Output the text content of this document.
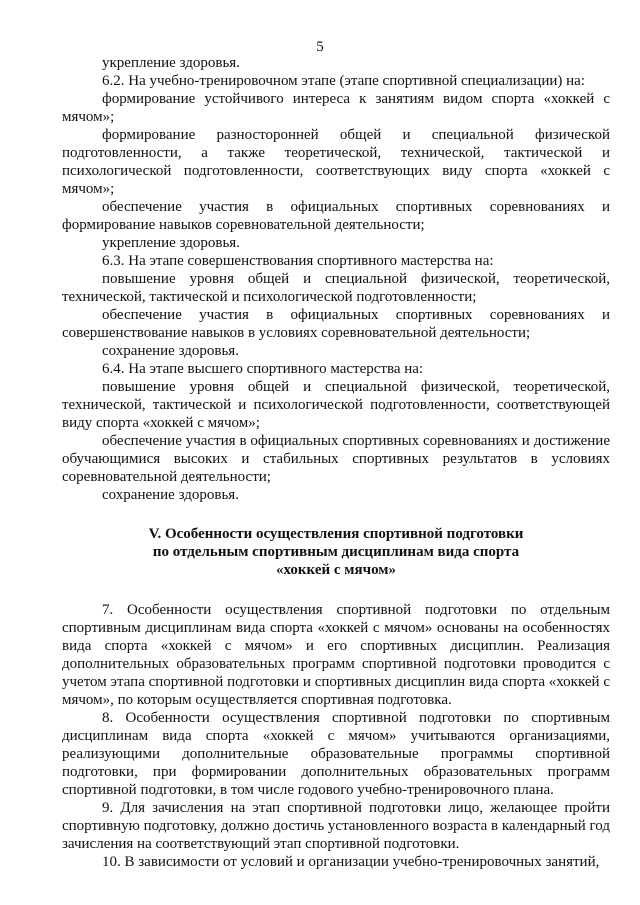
5

укрепление здоровья.

6.2. На учебно-тренировочном этапе (этапе спортивной специализации) на:

формирование устойчивого интереса к занятиям видом спорта «хоккей с мячом»;

формирование разносторонней общей и специальной физической подготовленности, а также теоретической, технической, тактической и психологической подготовленности, соответствующих виду спорта «хоккей с мячом»;

обеспечение участия в официальных спортивных соревнованиях и формирование навыков соревновательной деятельности;

укрепление здоровья.

6.3. На этапе совершенствования спортивного мастерства на:

повышение уровня общей и специальной физической, теоретической, технической, тактической и психологической подготовленности;

обеспечение участия в официальных спортивных соревнованиях и совершенствование навыков в условиях соревновательной деятельности;

сохранение здоровья.

6.4. На этапе высшего спортивного мастерства на:

повышение уровня общей и специальной физической, теоретической, технической, тактической и психологической подготовленности, соответствующей виду спорта «хоккей с мячом»;

обеспечение участия в официальных спортивных соревнованиях и достижение обучающимися высоких и стабильных спортивных результатов в условиях соревновательной деятельности;

сохранение здоровья.

V. Особенности осуществления спортивной подготовки
по отдельным спортивным дисциплинам вида спорта
«хоккей с мячом»

7. Особенности осуществления спортивной подготовки по отдельным спортивным дисциплинам вида спорта «хоккей с мячом» основаны на особенностях вида спорта «хоккей с мячом» и его спортивных дисциплин. Реализация дополнительных образовательных программ спортивной подготовки проводится с учетом этапа спортивной подготовки и спортивных дисциплин вида спорта «хоккей с мячом», по которым осуществляется спортивная подготовка.

8. Особенности осуществления спортивной подготовки по спортивным дисциплинам вида спорта «хоккей с мячом» учитываются организациями, реализующими дополнительные образовательные программы спортивной подготовки, при формировании дополнительных образовательных программ спортивной подготовки, в том числе годового учебно-тренировочного плана.

9. Для зачисления на этап спортивной подготовки лицо, желающее пройти спортивную подготовку, должно достичь установленного возраста в календарный год зачисления на соответствующий этап спортивной подготовки.

10. В зависимости от условий и организации учебно-тренировочных занятий,
